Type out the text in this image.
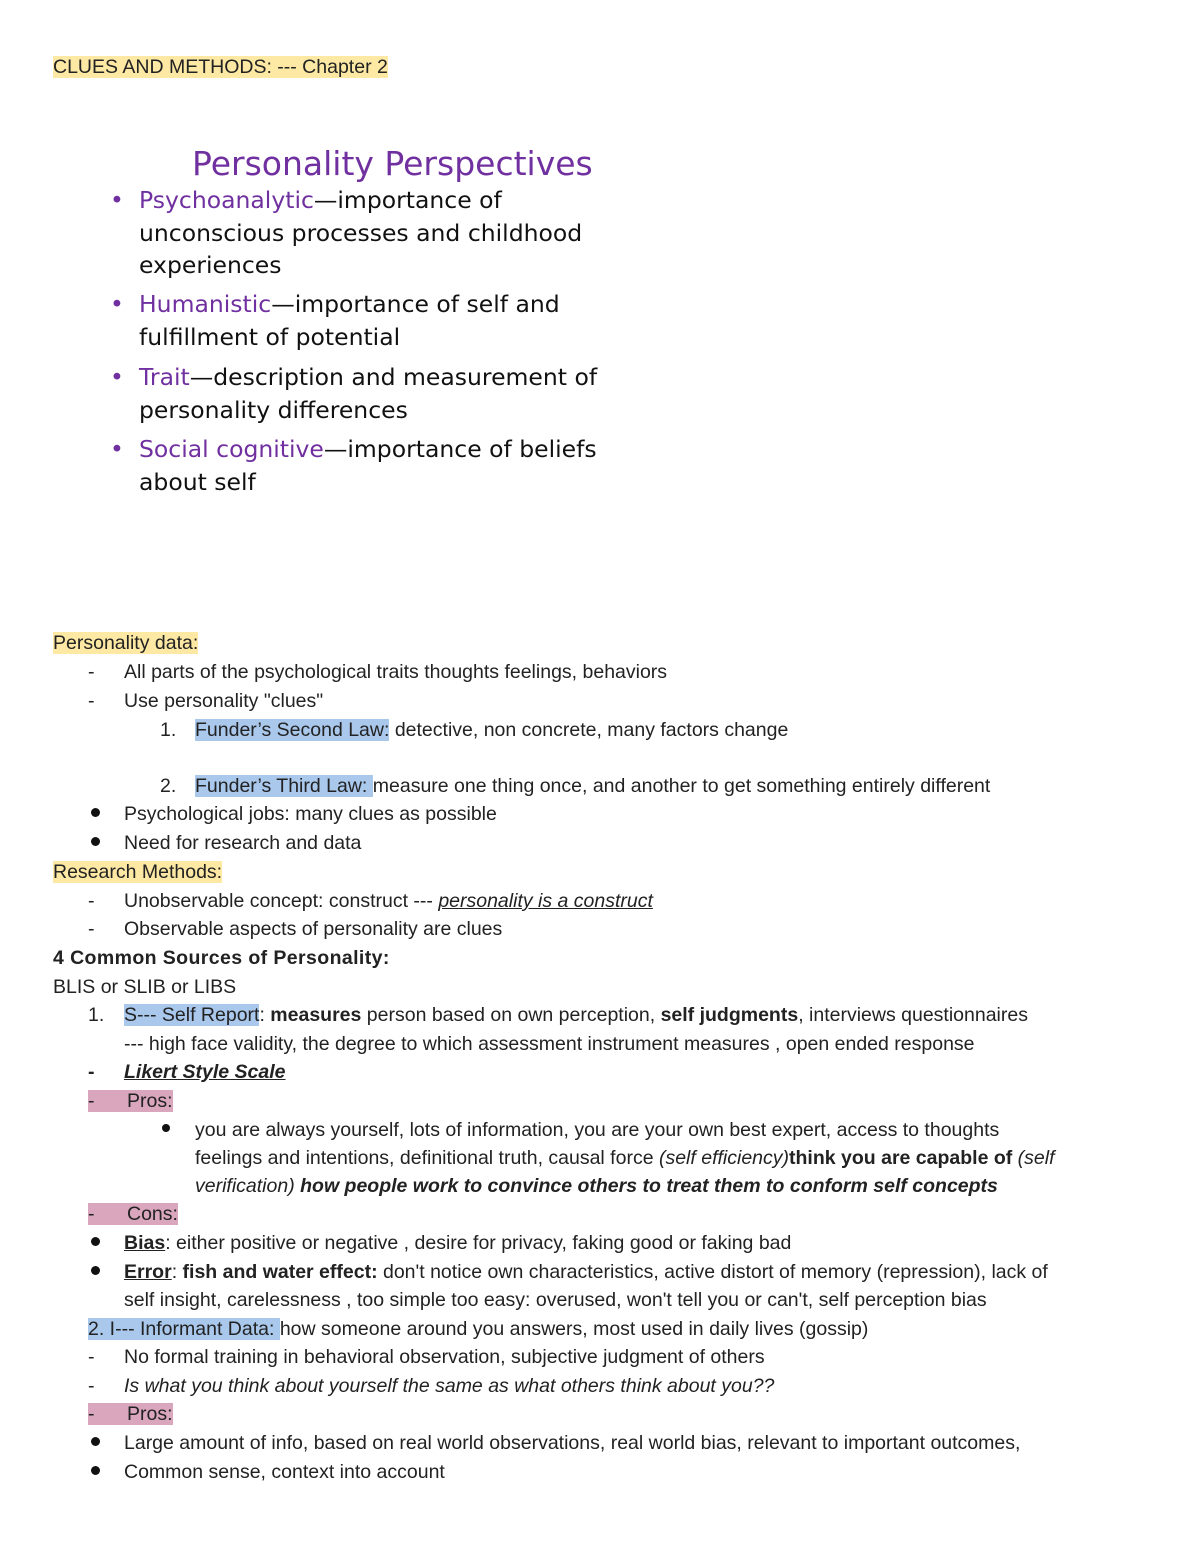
CLUES AND METHODS: --- Chapter 2
Personality Perspectives
• Psychoanalytic—importance of
unconscious processes and childhood
experiences
• Humanistic—importance of self and
fulfillment of potential
• Trait—description and measurement of
personality differences
• Social cognitive—importance of beliefs
about self
Personality data:
- All parts of the psychological traits thoughts feelings, behaviors
- Use personality "clues"
1. Funder’s Second Law: detective, non concrete, many factors change
2. Funder’s Third Law: measure one thing once, and another to get something entirely different
Psychological jobs: many clues as possible
Need for research and data
Research Methods:
- Unobservable concept: construct --- personality is a construct
- Observable aspects of personality are clues
4 Common Sources of Personality:
BLIS or SLIB or LIBS
1. S--- Self Report: measures person based on own perception, self judgments, interviews questionnaires
--- high face validity, the degree to which assessment instrument measures , open ended response
- Likert Style Scale
-      Pros:
you are always yourself, lots of information, you are your own best expert, access to thoughts
feelings and intentions, definitional truth, causal force (self efficiency)think you are capable of (self
verification) how people work to convince others to treat them to conform self concepts
-      Cons:
Bias: either positive or negative , desire for privacy, faking good or faking bad
Error: fish and water effect: don't notice own characteristics, active distort of memory (repression), lack of
self insight, carelessness , too simple too easy: overused, won't tell you or can't, self perception bias
2. I--- Informant Data: how someone around you answers, most used in daily lives (gossip)
- No formal training in behavioral observation, subjective judgment of others
- Is what you think about yourself the same as what others think about you??
-      Pros:
Large amount of info, based on real world observations, real world bias, relevant to important outcomes,
Common sense, context into account
